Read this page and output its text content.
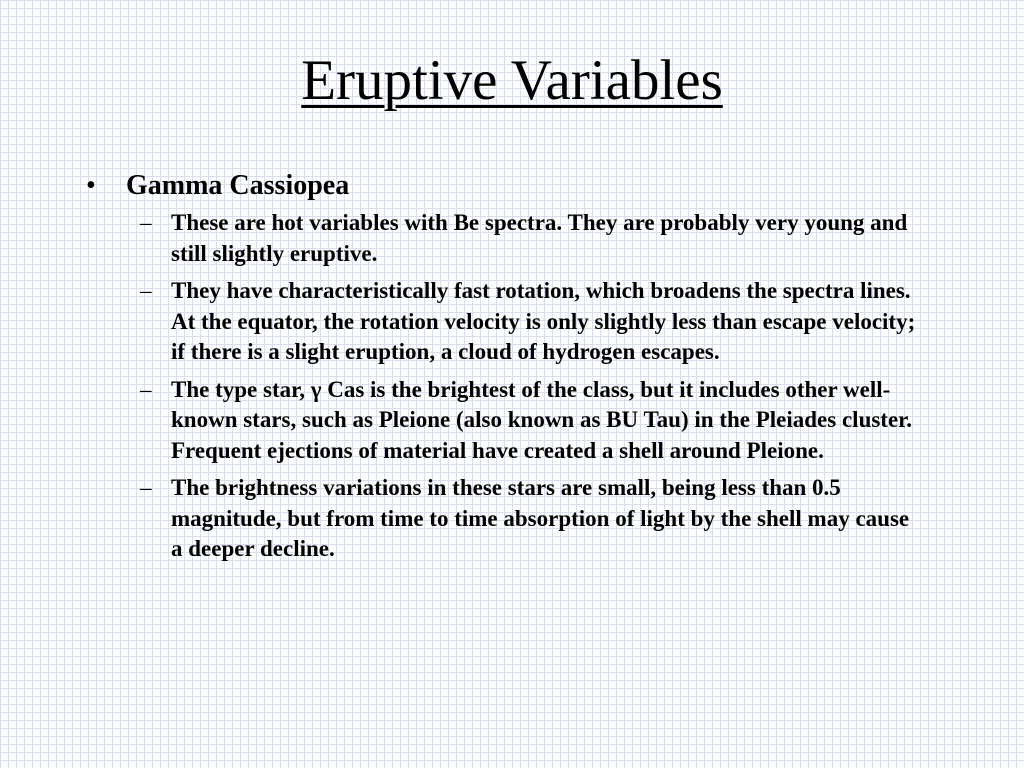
Eruptive Variables
• Gamma Cassiopea
– These are hot variables with Be spectra. They are probably very young and still slightly eruptive.
– They have characteristically fast rotation, which broadens the spectra lines. At the equator, the rotation velocity is only slightly less than escape velocity; if there is a slight eruption, a cloud of hydrogen escapes.
– The type star, γ Cas is the brightest of the class, but it includes other well-known stars, such as Pleione (also known as BU Tau) in the Pleiades cluster. Frequent ejections of material have created a shell around Pleione.
– The brightness variations in these stars are small, being less than 0.5 magnitude, but from time to time absorption of light by the shell may cause a deeper decline.
